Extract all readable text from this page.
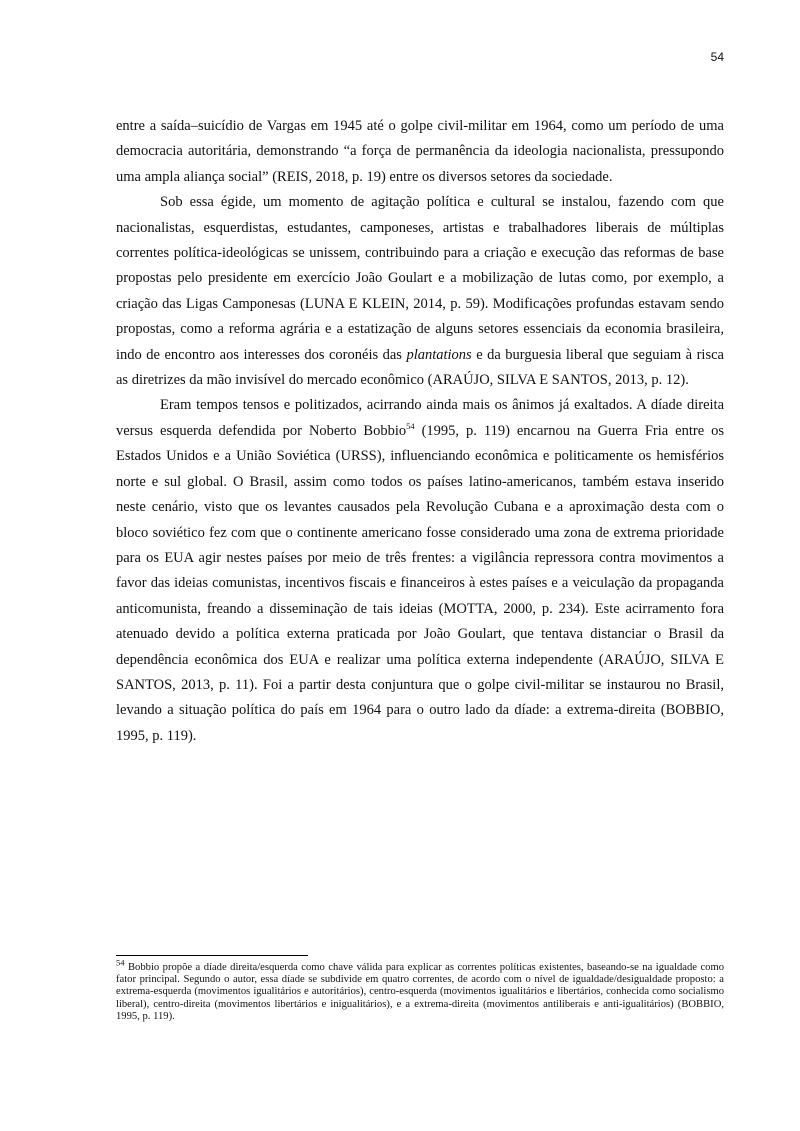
54

entre a saída–suicídio de Vargas em 1945 até o golpe civil-militar em 1964, como um período de uma democracia autoritária, demonstrando “a força de permanência da ideologia nacionalista, pressupondo uma ampla aliança social” (REIS, 2018, p. 19) entre os diversos setores da sociedade.

Sob essa égide, um momento de agitação política e cultural se instalou, fazendo com que nacionalistas, esquerdistas, estudantes, camponeses, artistas e trabalhadores liberais de múltiplas correntes política-ideológicas se unissem, contribuindo para a criação e execução das reformas de base propostas pelo presidente em exercício João Goulart e a mobilização de lutas como, por exemplo, a criação das Ligas Camponesas (LUNA E KLEIN, 2014, p. 59). Modificações profundas estavam sendo propostas, como a reforma agrária e a estatização de alguns setores essenciais da economia brasileira, indo de encontro aos interesses dos coronéis das plantations e da burguesia liberal que seguiam à risca as diretrizes da mão invisível do mercado econômico (ARAÚJO, SILVA E SANTOS, 2013, p. 12).

Eram tempos tensos e politizados, acirrando ainda mais os ânimos já exaltados. A díade direita versus esquerda defendida por Noberto Bobbio$^{54}$ (1995, p. 119) encarnou na Guerra Fria entre os Estados Unidos e a União Soviética (URSS), influenciando econômica e politicamente os hemisférios norte e sul global. O Brasil, assim como todos os países latino-americanos, também estava inserido neste cenário, visto que os levantes causados pela Revolução Cubana e a aproximação desta com o bloco soviético fez com que o continente americano fosse considerado uma zona de extrema prioridade para os EUA agir nestes países por meio de três frentes: a vigilância repressora contra movimentos a favor das ideias comunistas, incentivos fiscais e financeiros à estes países e a veiculação da propaganda anticomunista, freando a disseminação de tais ideias (MOTTA, 2000, p. 234). Este acirramento fora atenuado devido a política externa praticada por João Goulart, que tentava distanciar o Brasil da dependência econômica dos EUA e realizar uma política externa independente (ARAÚJO, SILVA E SANTOS, 2013, p. 11). Foi a partir desta conjuntura que o golpe civil-militar se instaurou no Brasil, levando a situação política do país em 1964 para o outro lado da díade: a extrema-direita (BOBBIO, 1995, p. 119).

$^{54}$ Bobbio propõe a díade direita/esquerda como chave válida para explicar as correntes políticas existentes, baseando-se na igualdade como fator principal. Segundo o autor, essa díade se subdivide em quatro correntes, de acordo com o nível de igualdade/desigualdade proposto: a extrema-esquerda (movimentos igualitários e autoritários), centro-esquerda (movimentos igualitários e libertários, conhecida como socialismo liberal), centro-direita (movimentos libertários e inigualitários), e a extrema-direita (movimentos antiliberais e anti-igualitários) (BOBBIO, 1995, p. 119).
